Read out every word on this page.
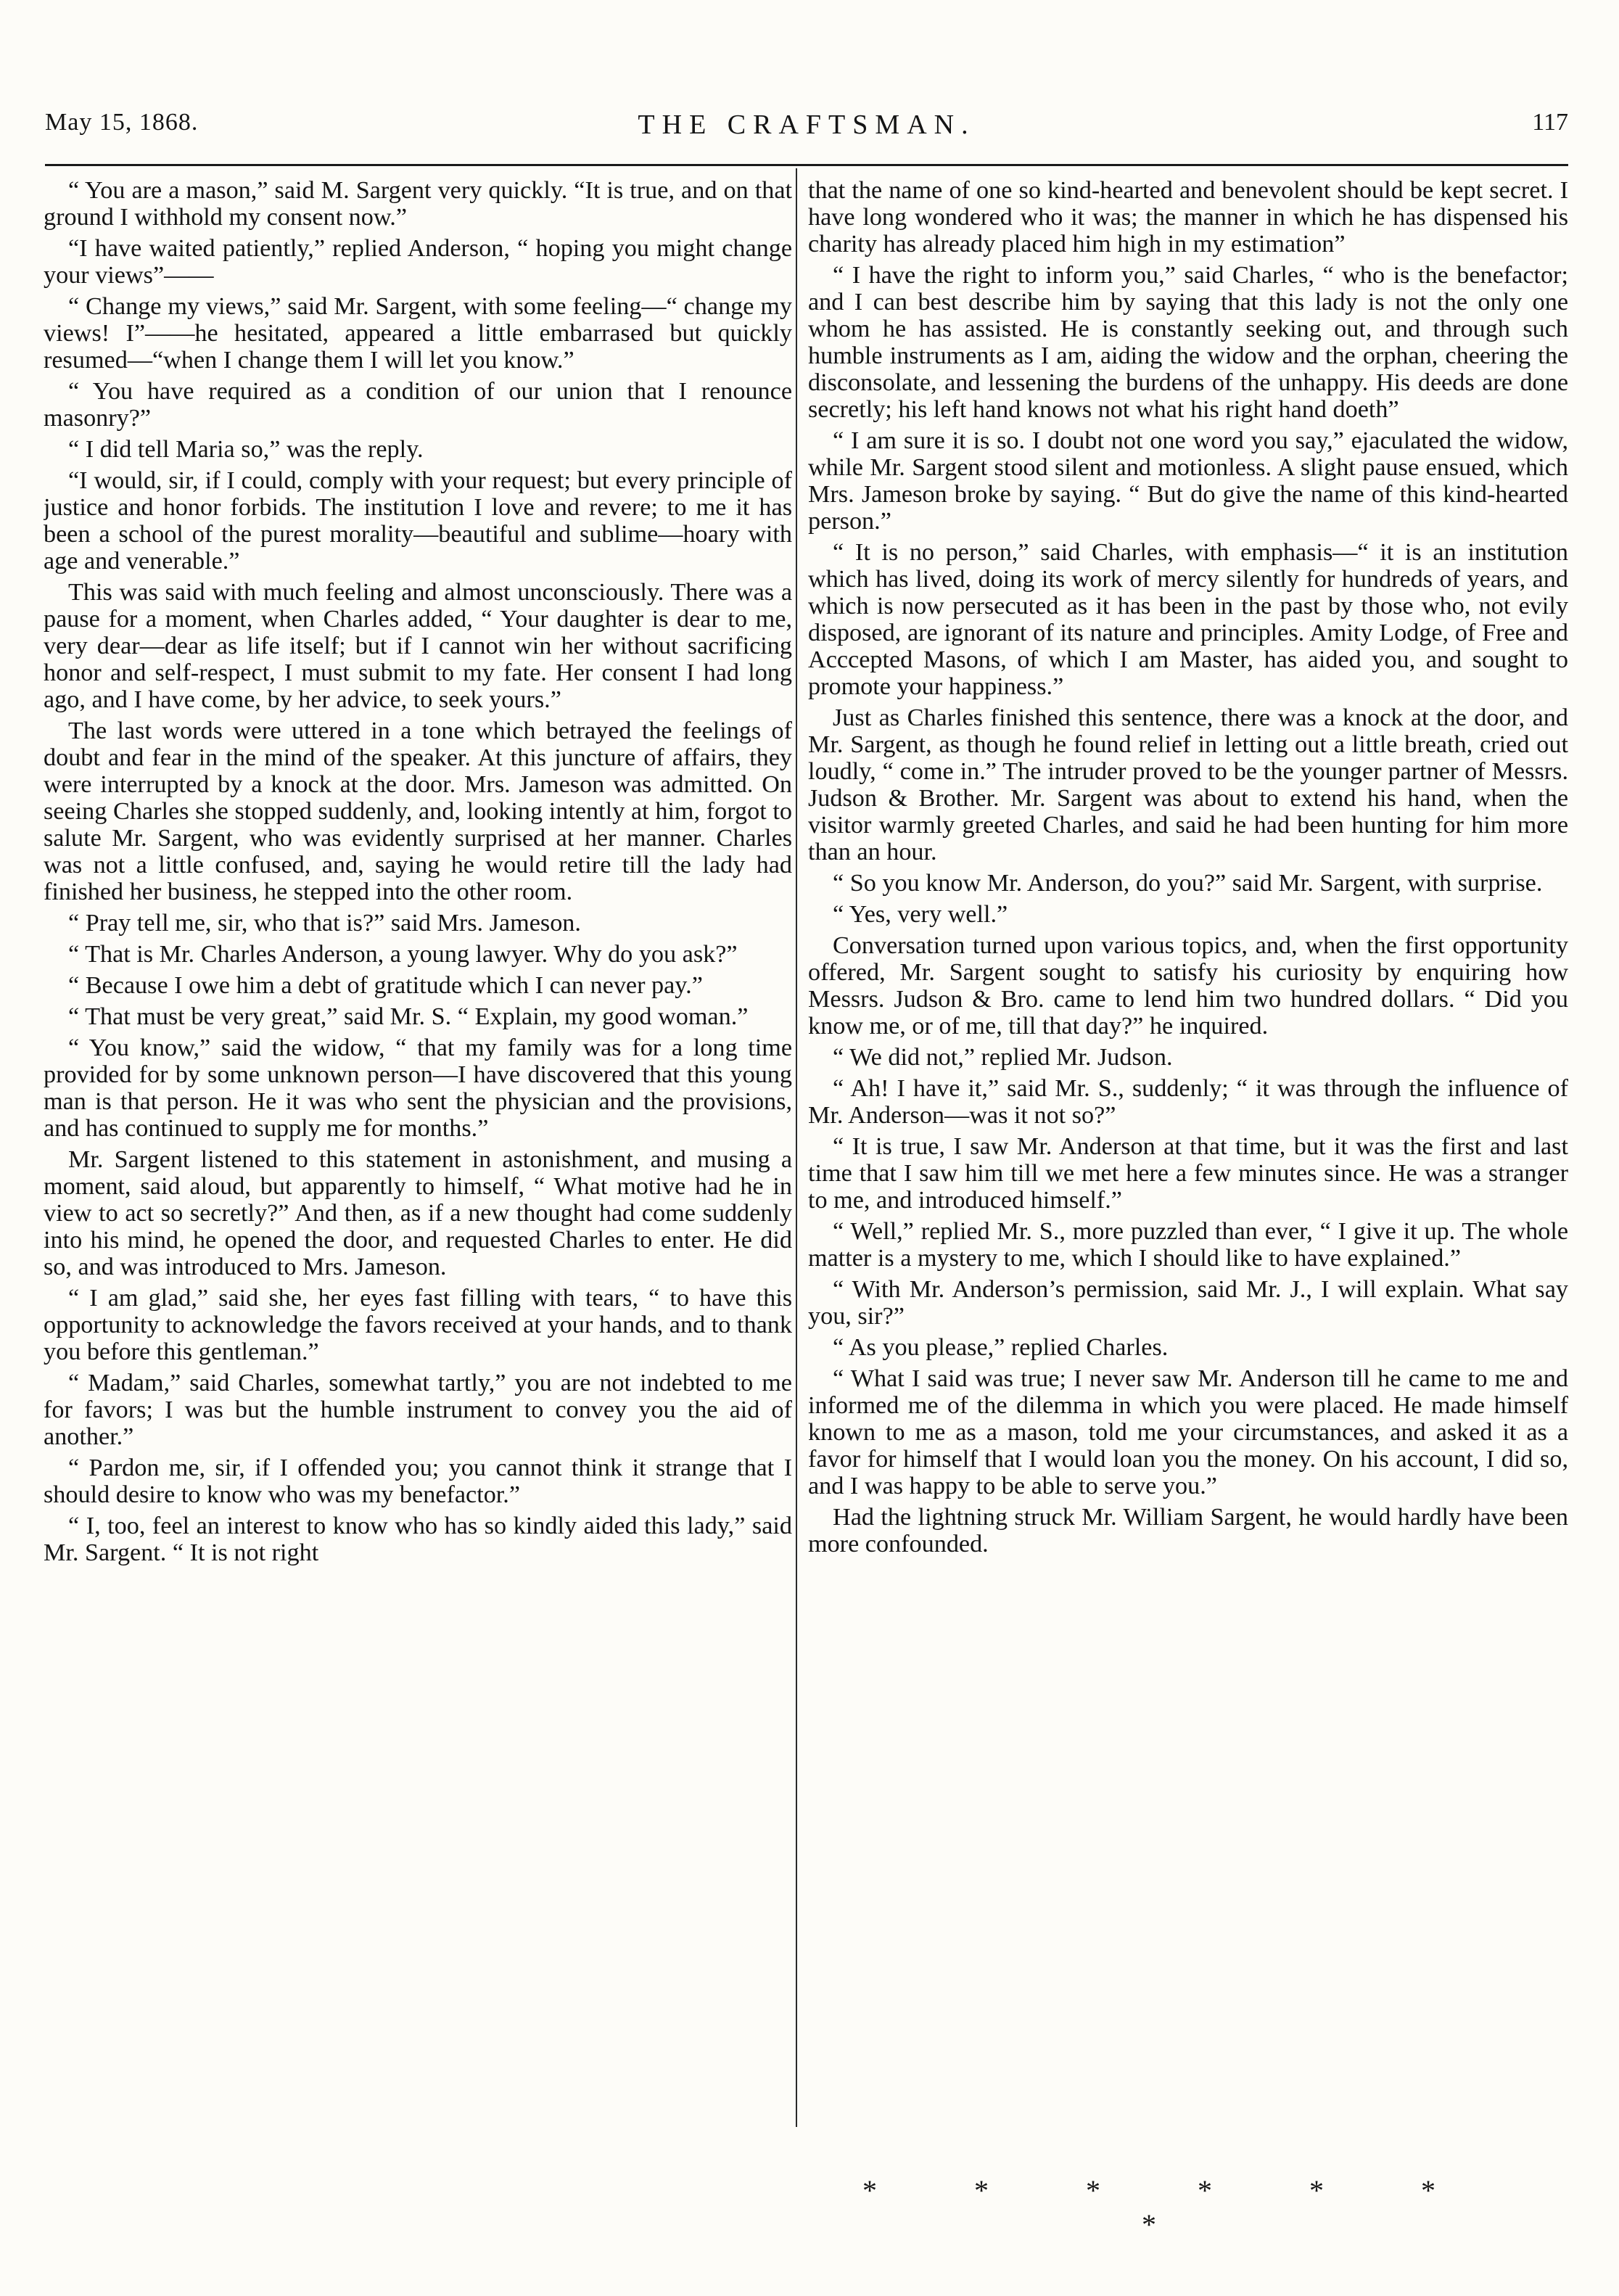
May 15, 1868.	THE CRAFTSMAN.	117

“ You are a mason,” said M. Sargent very quickly. “It is true, and on that ground I withhold my consent now.”

“I have waited patiently,” replied Anderson, “ hoping you might change your views”——

“ Change my views,” said Mr. Sargent, with some feeling—“ change my views! I”——he hesitated, appeared a little embarrased but quickly resumed—“when I change them I will let you know.”

“ You have required as a condition of our union that I renounce masonry?”

“ I did tell Maria so,” was the reply.

“I would, sir, if I could, comply with your request; but every principle of justice and honor forbids. The institution I love and revere; to me it has been a school of the purest morality—beautiful and sublime—hoary with age and venerable.”

This was said with much feeling and almost unconsciously. There was a pause for a moment, when Charles added, “ Your daughter is dear to me, very dear—dear as life itself; but if I cannot win her without sacrificing honor and self-respect, I must submit to my fate. Her consent I had long ago, and I have come, by her advice, to seek yours.”

The last words were uttered in a tone which betrayed the feelings of doubt and fear in the mind of the speaker. At this juncture of affairs, they were interrupted by a knock at the door. Mrs. Jameson was admitted. On seeing Charles she stopped suddenly, and, looking intently at him, forgot to salute Mr. Sargent, who was evidently surprised at her manner. Charles was not a little confused, and, saying he would retire till the lady had finished her business, he stepped into the other room.

“ Pray tell me, sir, who that is?” said Mrs. Jameson.

“ That is Mr. Charles Anderson, a young lawyer. Why do you ask?”

“ Because I owe him a debt of gratitude which I can never pay.”

“ That must be very great,” said Mr. S. “ Explain, my good woman.”

“ You know,” said the widow, “ that my family was for a long time provided for by some unknown person—I have discovered that this young man is that person. He it was who sent the physician and the provisions, and has continued to supply me for months.”

Mr. Sargent listened to this statement in astonishment, and musing a moment, said aloud, but apparently to himself, “ What motive had he in view to act so secretly?” And then, as if a new thought had come suddenly into his mind, he opened the door, and requested Charles to enter. He did so, and was introduced to Mrs. Jameson.

“ I am glad,” said she, her eyes fast filling with tears, “ to have this opportunity to acknowledge the favors received at your hands, and to thank you before this gentleman.”

“ Madam,” said Charles, somewhat tartly,” you are not indebted to me for favors; I was but the humble instrument to convey you the aid of another.”

“ Pardon me, sir, if I offended you; you cannot think it strange that I should desire to know who was my benefactor.”

“ I, too, feel an interest to know who has so kindly aided this lady,” said Mr. Sargent. “ It is not right

that the name of one so kind-hearted and benevolent should be kept secret. I have long wondered who it was; the manner in which he has dispensed his charity has already placed him high in my estimation”

“ I have the right to inform you,” said Charles, “ who is the benefactor; and I can best describe him by saying that this lady is not the only one whom he has assisted. He is constantly seeking out, and through such humble instruments as I am, aiding the widow and the orphan, cheering the disconsolate, and lessening the burdens of the unhappy. His deeds are done secretly; his left hand knows not what his right hand doeth”

“ I am sure it is so. I doubt not one word you say,” ejaculated the widow, while Mr. Sargent stood silent and motionless. A slight pause ensued, which Mrs. Jameson broke by saying. “ But do give the name of this kind-hearted person.”

“ It is no person,” said Charles, with emphasis—“ it is an institution which has lived, doing its work of mercy silently for hundreds of years, and which is now persecuted as it has been in the past by those who, not evily disposed, are ignorant of its nature and principles. Amity Lodge, of Free and Acccepted Masons, of which I am Master, has aided you, and sought to promote your happiness.”

Just as Charles finished this sentence, there was a knock at the door, and Mr. Sargent, as though he found relief in letting out a little breath, cried out loudly, “ come in.” The intruder proved to be the younger partner of Messrs. Judson & Brother. Mr. Sargent was about to extend his hand, when the visitor warmly greeted Charles, and said he had been hunting for him more than an hour.

“ So you know Mr. Anderson, do you?” said Mr. Sargent, with surprise.

“ Yes, very well.”

Conversation turned upon various topics, and, when the first opportunity offered, Mr. Sargent sought to satisfy his curiosity by enquiring how Messrs. Judson & Bro. came to lend him two hundred dollars. “ Did you know me, or of me, till that day?” he inquired.

“ We did not,” replied Mr. Judson.

“ Ah! I have it,” said Mr. S., suddenly; “ it was through the influence of Mr. Anderson—was it not so?”

“ It is true, I saw Mr. Anderson at that time, but it was the first and last time that I saw him till we met here a few minutes since. He was a stranger to me, and introduced himself.”

“ Well,” replied Mr. S., more puzzled than ever, “ I give it up. The whole matter is a mystery to me, which I should like to have explained.”

“ With Mr. Anderson’s permission, said Mr. J., I will explain. What say you, sir?”

“ As you please,” replied Charles.

“ What I said was true; I never saw Mr. Anderson till he came to me and informed me of the dilemma in which you were placed. He made himself known to me as a mason, told me your circumstances, and asked it as a favor for himself that I would loan you the money. On his account, I did so, and I was happy to be able to serve you.”

Had the lightning struck Mr. William Sargent, he would hardly have been more confounded.

* * * * * * *
